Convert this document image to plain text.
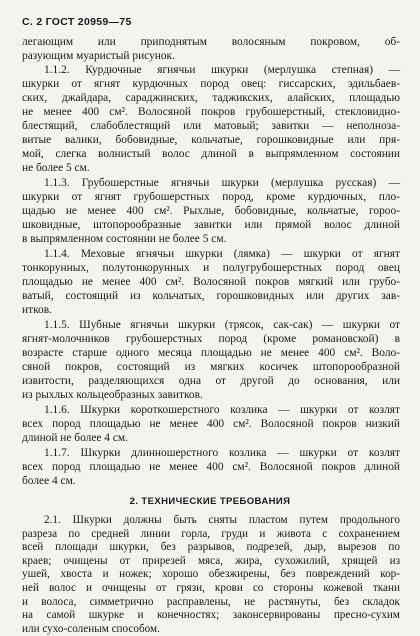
С. 2 ГОСТ 20959—75
легающим или приподнятым волосяным покровом, об-
разующим муаристый рисунок.
1.1.2. Курдючные ягнячьи шкурки (мерлушка степная) —
шкурки от ягнят курдючных пород овец: гиссарских, эдильбаев-
ских, джайдара, сараджинских, таджикских, алайских, площадью
не менее 400 см². Волосяной покров грубошерстный, стекловидно-
блестящий, слабоблестящий или матовый; завитки — неполноза-
витые валики, бобовидные, кольчатые, горошковидные или пря-
мой, слегка волнистый волос длиной в выпрямленном состоянии
не более 5 см.
1.1.3. Грубошерстные ягнячьи шкурки (мерлушка русская) —
шкурки от ягнят грубошерстных пород, кроме курдючных, пло-
щадью не менее 400 см². Рыхлые, бобовидные, кольчатые, гороо-
шковидные, штопорообразные завитки или прямой волос длиной
в выпрямленном состоянии не более 5 см.
1.1.4. Меховые ягнячьи шкурки (лямка) — шкурки от ягнят
тонкорунных, полутонкорунных и полугрубошерстных пород овец
площадью не менее 400 см². Волосяной покров мягкий или грубо-
ватый, состоящий из кольчатых, горошковидных или других зав-
итков.
1.1.5. Шубные ягнячьи шкурки (трясок, сак-сак) — шкурки от
ягнят-молочников грубошерстных пород (кроме романовской) в
возрасте старше одного месяца площадью не менее 400 см². Воло-
сяной покров, состоящий из мягких косичек штопорообразной
извитости, разделяющихся одна от другой до основания, или
из рыхлых кольцеобразных завитков.
1.1.6. Шкурки короткошерстного козлика — шкурки от козлят
всех пород площадью не менее 400 см². Волосяной покров низкий
длиной не более 4 см.
1.1.7. Шкурки длинношерстного козлика — шкурки от козлят
всех пород площадью не менее 400 см². Волосяной покров длиной
более 4 см.
2. ТЕХНИЧЕСКИЕ ТРЕБОВАНИЯ
2.1. Шкурки должны быть сняты пластом путем продольного
разреза по средней линии горла, груди и живота с сохранением
всей площади шкурки, без разрывов, подрезей, дыр, вырезов по
краев; очищены от прирезей мяса, жира, сухожилий, хрящей из
ушей, хвоста и ножек; хорошо обезжирены, без повреждений кор-
ней волос и очищены от грязи, крови со стороны кожевой ткани
и волоса, симметрично расправлены, не растянуты, без складок
на самой шкурке и конечностях; законсервированы пресно-сухим
или сухо-соленым способом.
